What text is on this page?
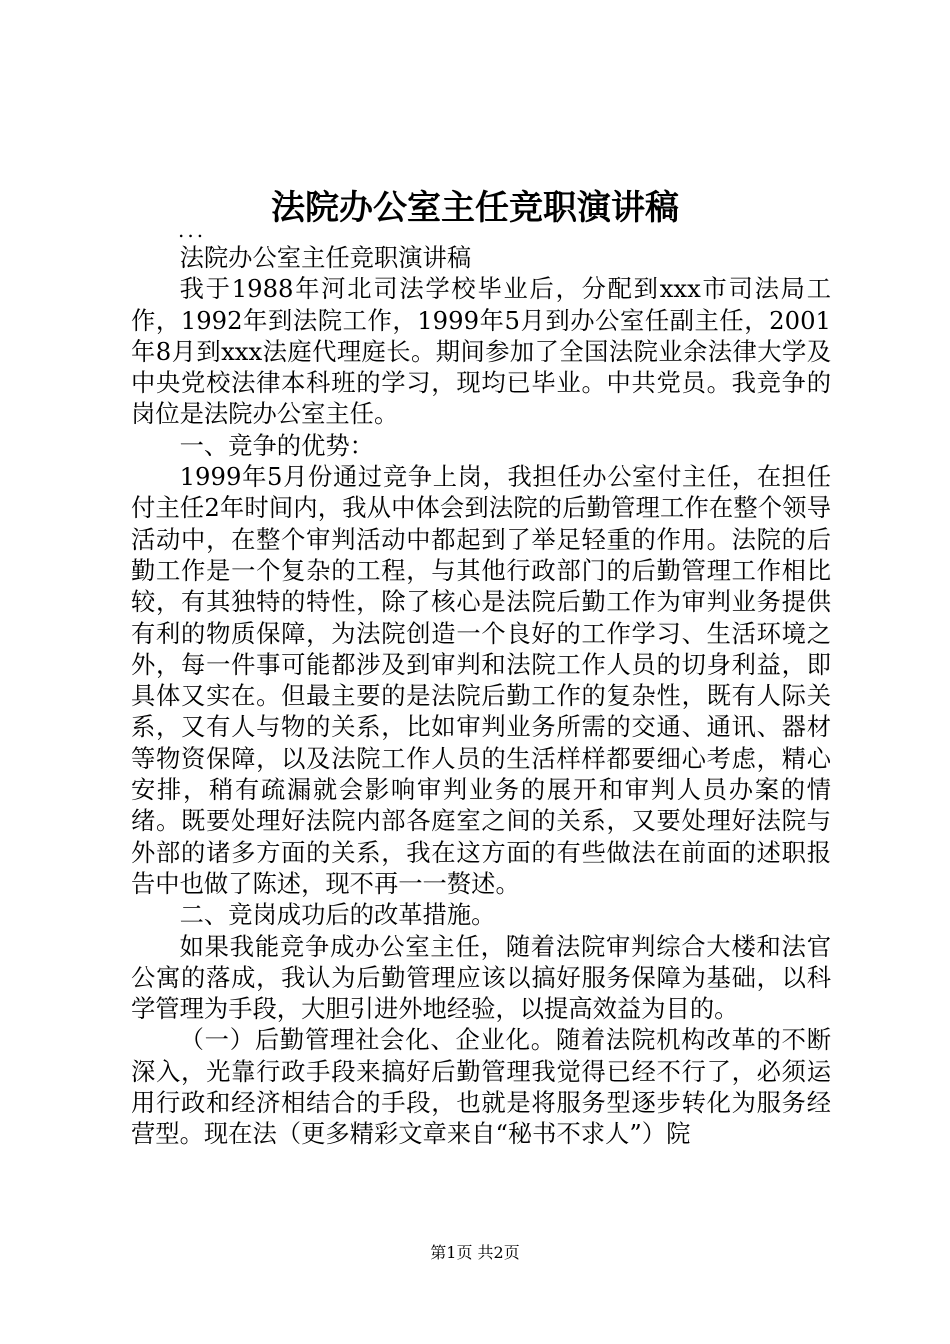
法院办公室主任竞职演讲稿
...

法院办公室主任竞职演讲稿

我于1988年河北司法学校毕业后，分配到xxx市司法局工作，1992年到法院工作，1999年5月到办公室任副主任，2001年8月到xxx法庭代理庭长。期间参加了全国法院业余法律大学及中央党校法律本科班的学习，现均已毕业。中共党员。我竞争的岗位是法院办公室主任。

一、竞争的优势：

1999年5月份通过竞争上岗，我担任办公室付主任，在担任付主任2年时间内，我从中体会到法院的后勤管理工作在整个领导活动中，在整个审判活动中都起到了举足轻重的作用。法院的后勤工作是一个复杂的工程，与其他行政部门的后勤管理工作相比较，有其独特的特性，除了核心是法院后勤工作为审判业务提供有利的物质保障，为法院创造一个良好的工作学习、生活环境之外，每一件事可能都涉及到审判和法院工作人员的切身利益，即具体又实在。但最主要的是法院后勤工作的复杂性，既有人际关系，又有人与物的关系，比如审判业务所需的交通、通讯、器材等物资保障，以及法院工作人员的生活样样都要细心考虑，精心安排，稍有疏漏就会影响审判业务的展开和审判人员办案的情绪。既要处理好法院内部各庭室之间的关系，又要处理好法院与外部的诸多方面的关系，我在这方面的有些做法在前面的述职报告中也做了陈述，现不再一一赘述。

二、竞岗成功后的改革措施。

如果我能竞争成办公室主任，随着法院审判综合大楼和法官公寓的落成，我认为后勤管理应该以搞好服务保障为基础，以科学管理为手段，大胆引进外地经验，以提高效益为目的。

（一）后勤管理社会化、企业化。随着法院机构改革的不断深入，光靠行政手段来搞好后勤管理我觉得已经不行了，必须运用行政和经济相结合的手段，也就是将服务型逐步转化为服务经营型。现在法（更多精彩文章来自“秘书不求人”）院

第1页 共2页
